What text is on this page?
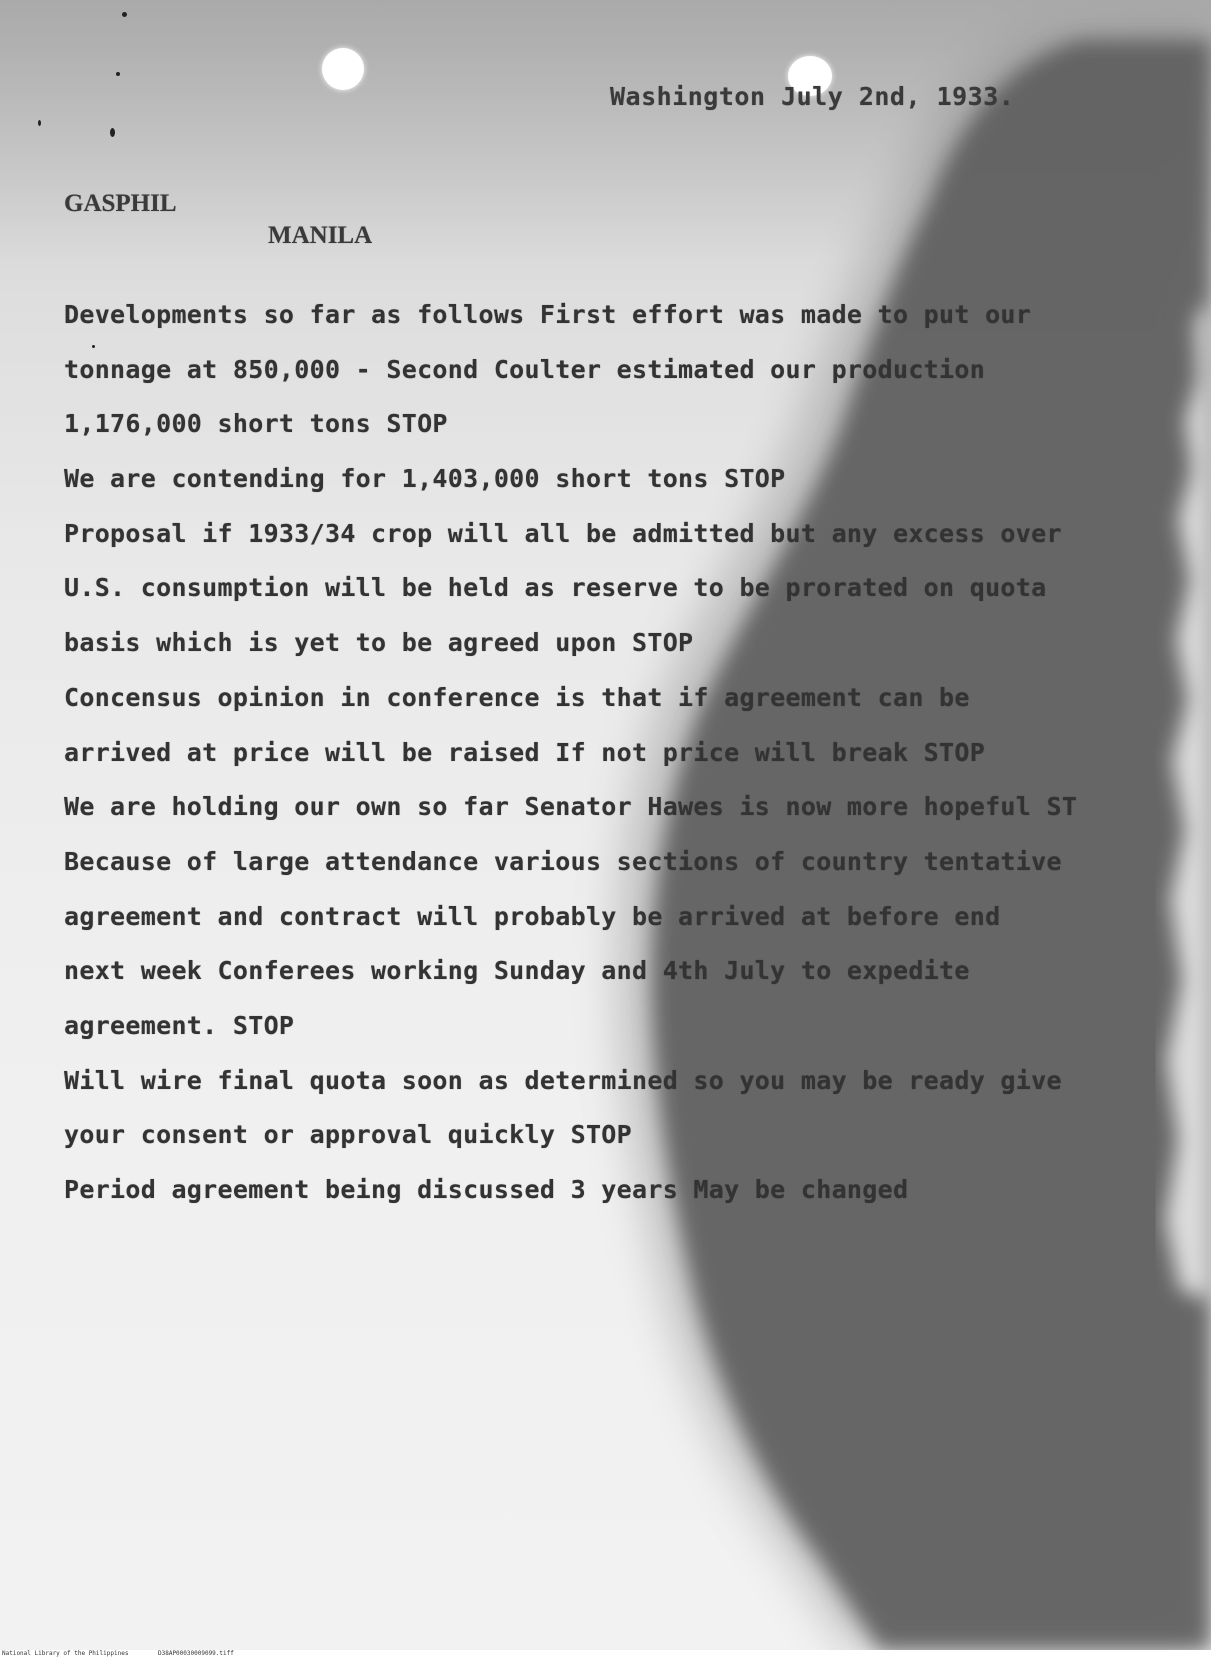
Washington July 2nd, 1933.
GASPHIL
MANILA
Developments so far as follows First effort was made to put our
tonnage at 850,000 - Second Coulter estimated our production
1,176,000 short tons STOP
We are contending for 1,403,000 short tons STOP
Proposal if 1933/34 crop will all be admitted but any excess over
U.S. consumption will be held as reserve to be prorated on quota
basis which is yet to be agreed upon STOP
Concensus opinion in conference is that if agreement can be
arrived at price will be raised If not price will break STOP
We are holding our own so far Senator Hawes is now more hopeful ST
Because of large attendance various sections of country tentative
agreement and contract will probably be arrived at before end
next week Conferees working Sunday and 4th July to expedite
agreement. STOP
Will wire final quota soon as determined so you may be ready give
your consent or approval quickly STOP
Period agreement being discussed 3 years May be changed
National Library of the Philippines	D38AP00030009099.tiff
